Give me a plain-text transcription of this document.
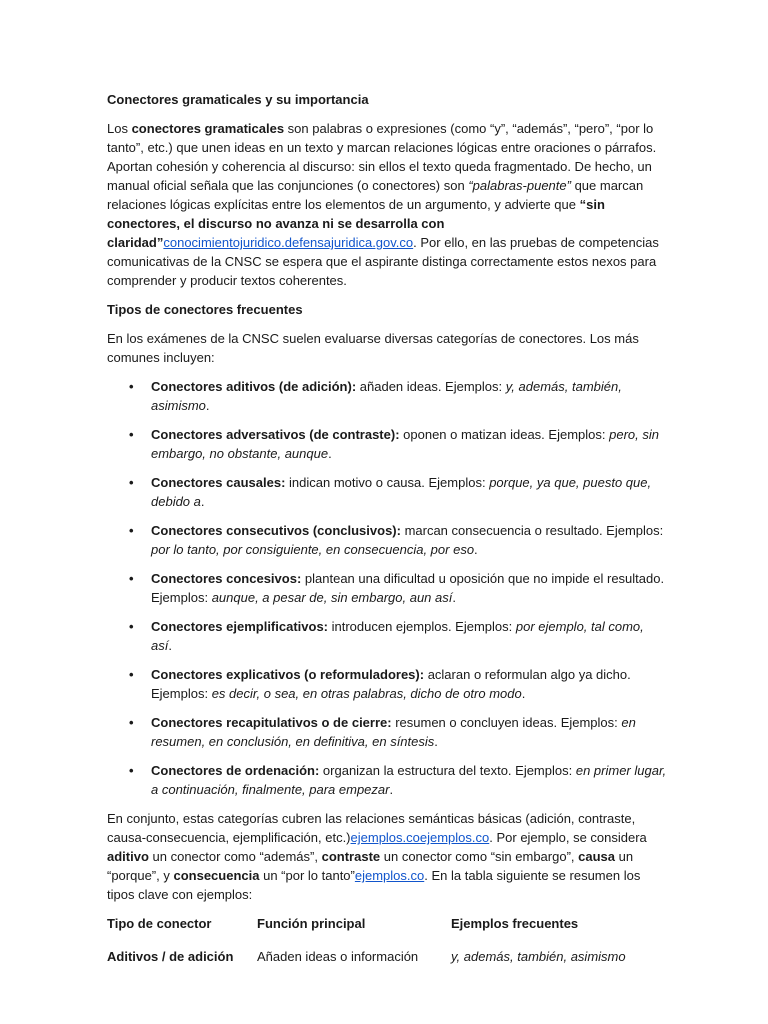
Conectores gramaticales y su importancia

Los conectores gramaticales son palabras o expresiones (como “y”, “además”, “pero”, “por lo tanto”, etc.) que unen ideas en un texto y marcan relaciones lógicas entre oraciones o párrafos. Aportan cohesión y coherencia al discurso: sin ellos el texto queda fragmentado. De hecho, un manual oficial señala que las conjunciones (o conectores) son “palabras-puente” que marcan relaciones lógicas explícitas entre los elementos de un argumento, y advierte que “sin conectores, el discurso no avanza ni se desarrolla con claridad”conocimientojuridico.defensajuridica.gov.co. Por ello, en las pruebas de competencias comunicativas de la CNSC se espera que el aspirante distinga correctamente estos nexos para comprender y producir textos coherentes.

Tipos de conectores frecuentes

En los exámenes de la CNSC suelen evaluarse diversas categorías de conectores. Los más comunes incluyen:

• Conectores aditivos (de adición): añaden ideas. Ejemplos: y, además, también, asimismo.
• Conectores adversativos (de contraste): oponen o matizan ideas. Ejemplos: pero, sin embargo, no obstante, aunque.
• Conectores causales: indican motivo o causa. Ejemplos: porque, ya que, puesto que, debido a.
• Conectores consecutivos (conclusivos): marcan consecuencia o resultado. Ejemplos: por lo tanto, por consiguiente, en consecuencia, por eso.
• Conectores concesivos: plantean una dificultad u oposición que no impide el resultado. Ejemplos: aunque, a pesar de, sin embargo, aun así.
• Conectores ejemplificativos: introducen ejemplos. Ejemplos: por ejemplo, tal como, así.
• Conectores explicativos (o reformuladores): aclaran o reformulan algo ya dicho. Ejemplos: es decir, o sea, en otras palabras, dicho de otro modo.
• Conectores recapitulativos o de cierre: resumen o concluyen ideas. Ejemplos: en resumen, en conclusión, en definitiva, en síntesis.
• Conectores de ordenación: organizan la estructura del texto. Ejemplos: en primer lugar, a continuación, finalmente, para empezar.

En conjunto, estas categorías cubren las relaciones semánticas básicas (adición, contraste, causa-consecuencia, ejemplificación, etc.)ejemplos.coejemplos.co. Por ejemplo, se considera aditivo un conector como “además”, contraste un conector como “sin embargo”, causa un “porque”, y consecuencia un “por lo tanto”ejemplos.co. En la tabla siguiente se resumen los tipos clave con ejemplos:

Tipo de conector	Función principal	Ejemplos frecuentes
Aditivos / de adición	Añaden ideas o información	y, además, también, asimismo
